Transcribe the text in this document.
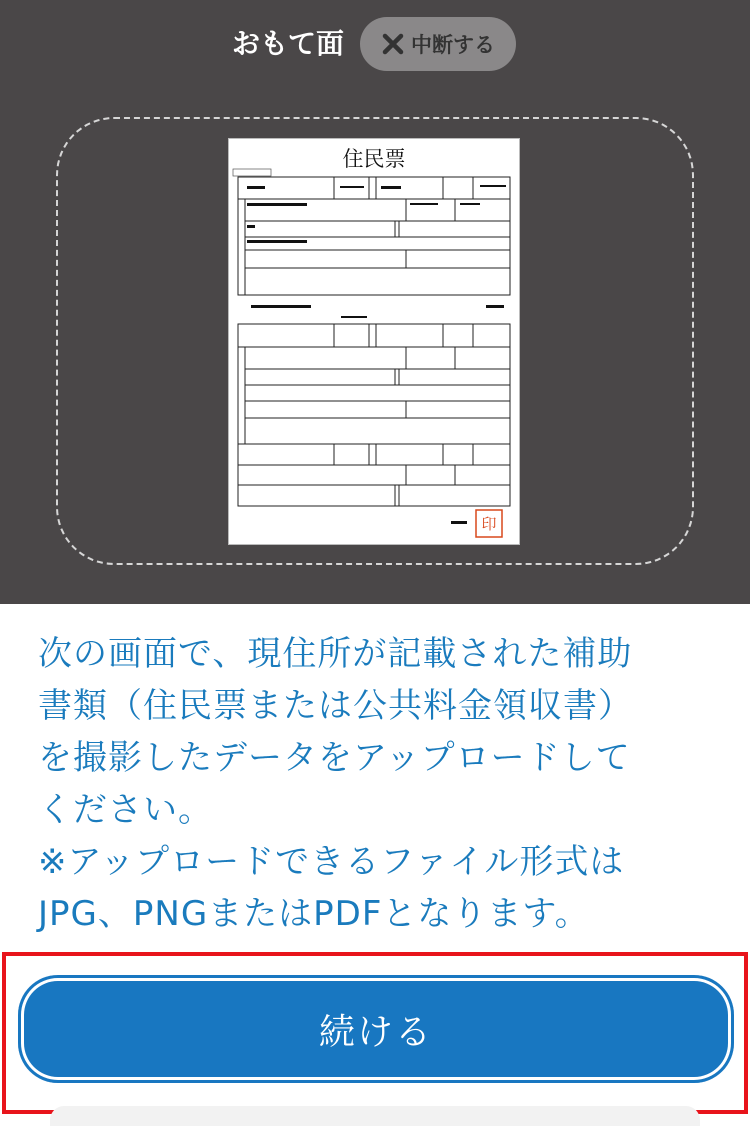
おもて面	中断する
住民票
印

次の画面で、現住所が記載された補助

書類（住民票または公共料金領収書）

を撮影したデータをアップロードして

ください。

※アップロードできるファイル形式は

JPG、PNGまたはPDFとなります。

続ける
